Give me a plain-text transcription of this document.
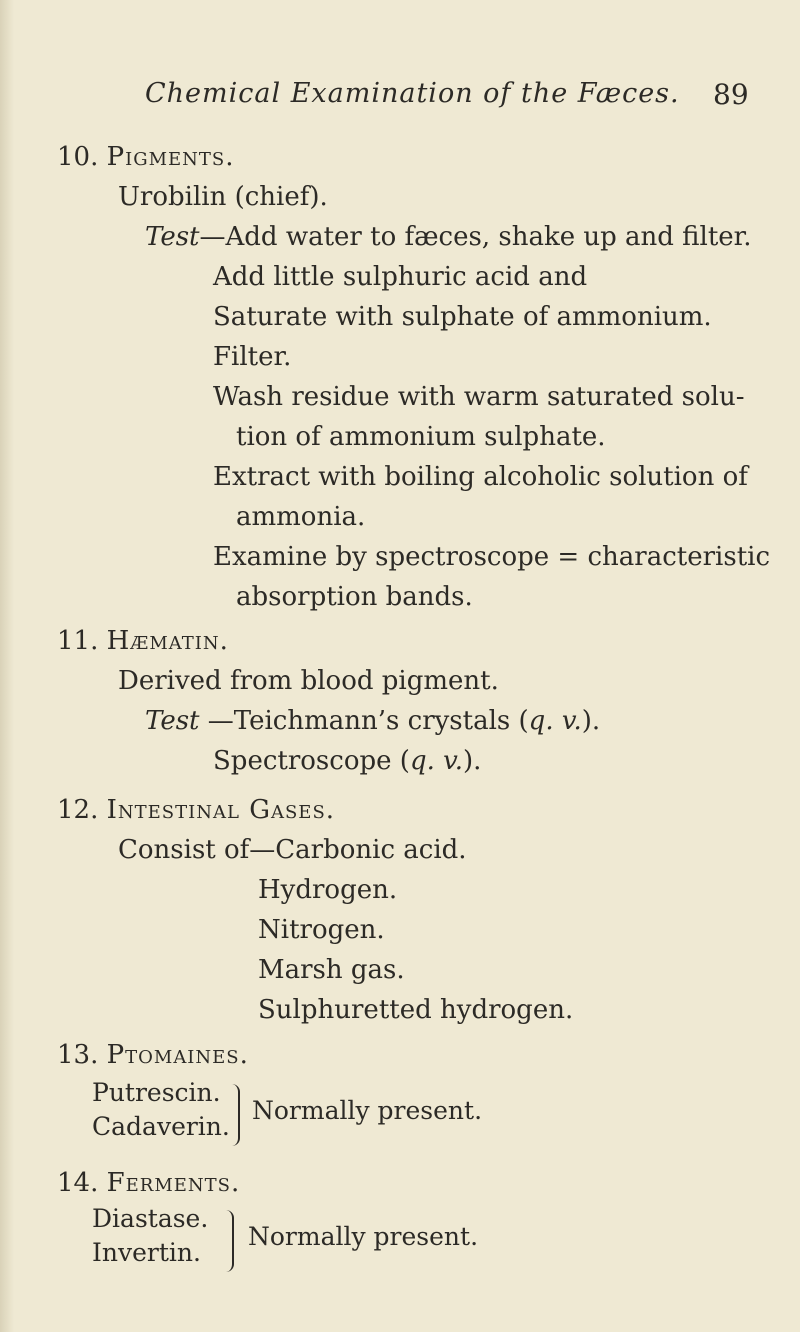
Chemical Examination of the Fæces. 89
10. Pigments.
Urobilin (chief).
Test—Add water to fæces, shake up and filter.
Add little sulphuric acid and
Saturate with sulphate of ammonium.
Filter.
Wash residue with warm saturated solu-
tion of ammonium sulphate.
Extract with boiling alcoholic solution of
ammonia.
Examine by spectroscope = characteristic
absorption bands.
11. Hæmatin.
Derived from blood pigment.
Test —Teichmann’s crystals (q. v.).
Spectroscope (q. v.).
12. Intestinal Gases.
Consist of—Carbonic acid.
Hydrogen.
Nitrogen.
Marsh gas.
Sulphuretted hydrogen.
13. Ptomaines.
Putrescin.
Cadaverin.
Normally present.
14. Ferments.
Diastase.
Invertin.
Normally present.
